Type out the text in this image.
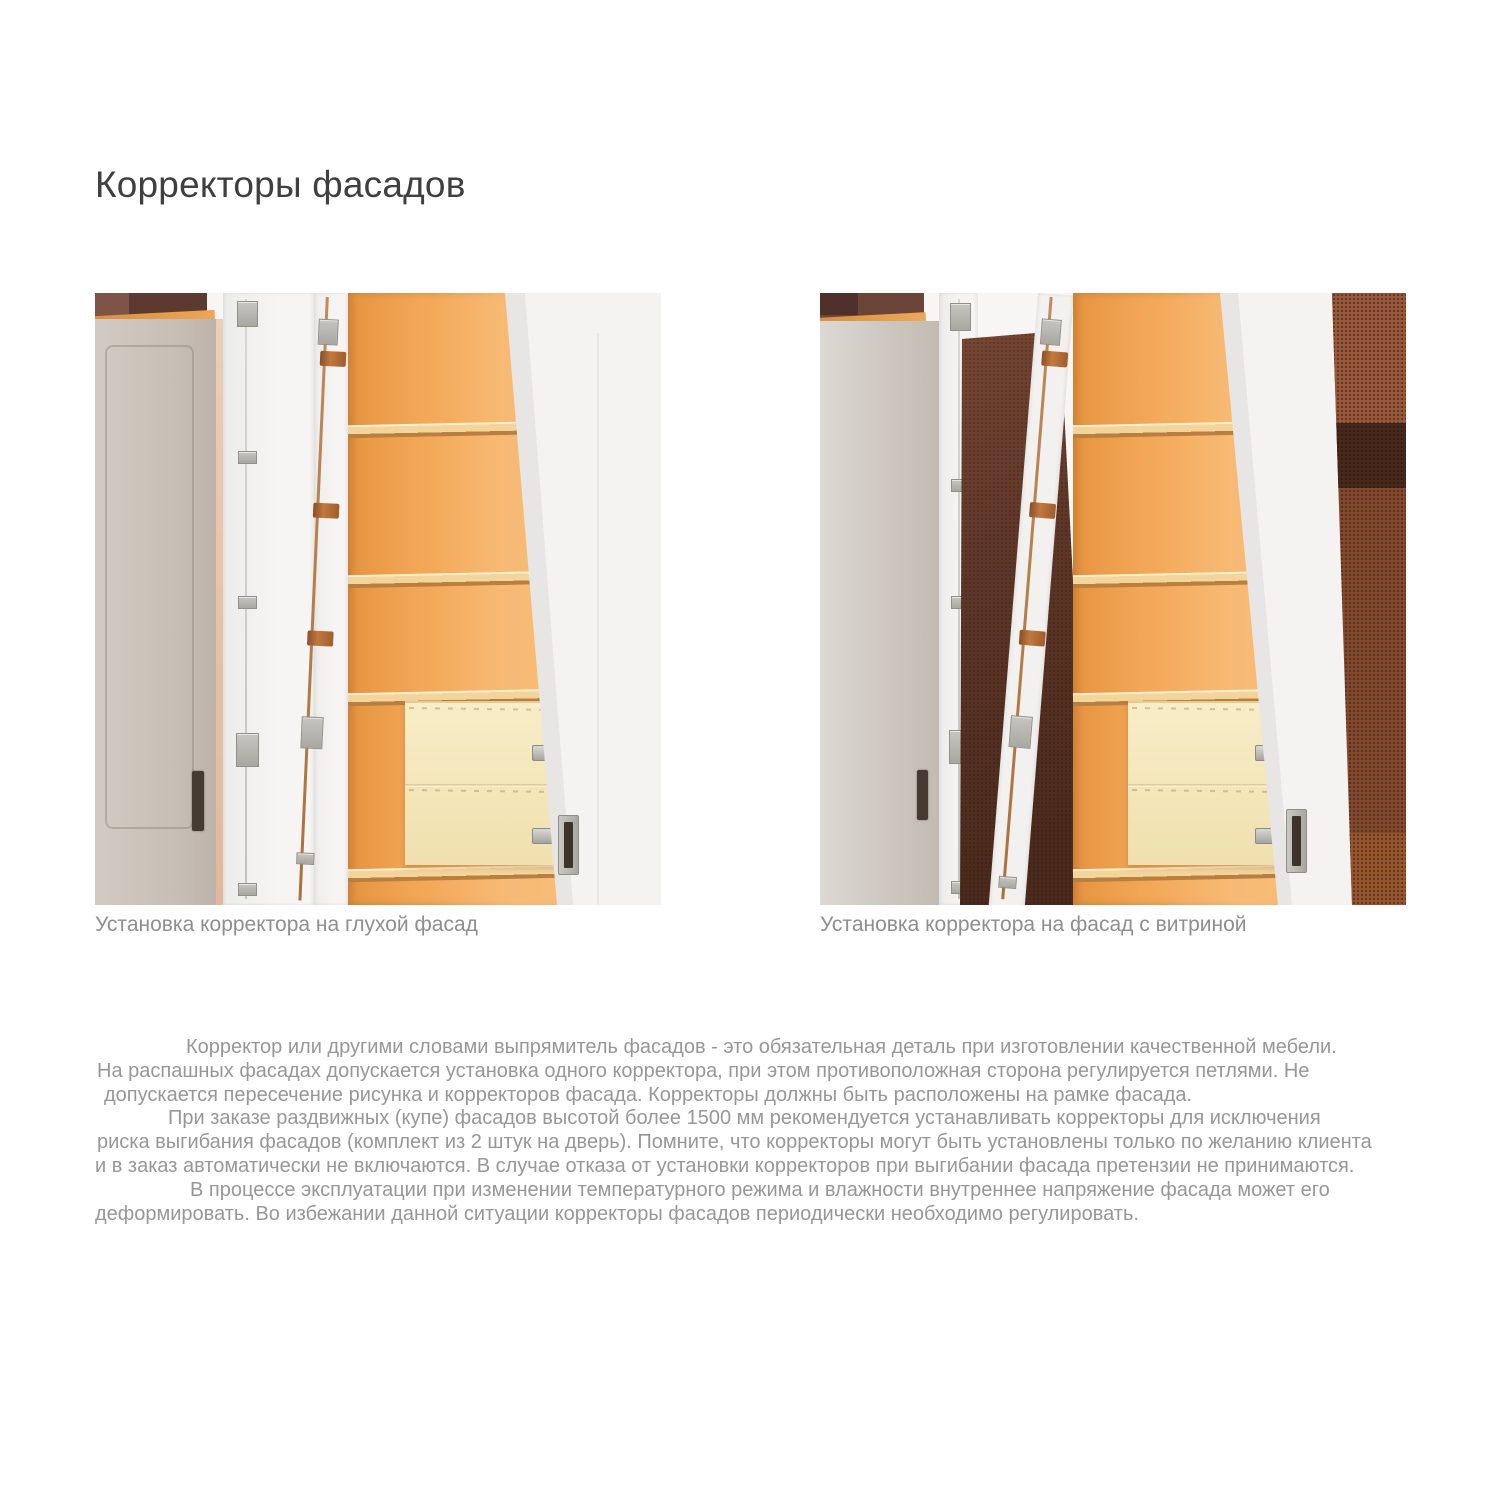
Корректоры фасадов
Установка корректора на глухой фасад	Установка корректора на фасад с витриной
Корректор или другими словами выпрямитель фасадов - это обязательная деталь при изготовлении качественной мебели.
На распашных фасадах допускается установка одного корректора, при этом противоположная сторона регулируется петлями. Не
допускается пересечение рисунка и корректоров фасада. Корректоры должны быть расположены на рамке фасада.
При заказе раздвижных (купе) фасадов высотой более 1500 мм рекомендуется устанавливать корректоры для исключения
риска выгибания фасадов (комплект из 2 штук на дверь). Помните, что корректоры могут быть установлены только по желанию клиента
и в заказ автоматически не включаются. В случае отказа от установки корректоров при выгибании фасада претензии не принимаются.
В процессе эксплуатации при изменении температурного режима и влажности внутреннее напряжение фасада может его
деформировать. Во избежании данной ситуации корректоры фасадов периодически необходимо регулировать.
